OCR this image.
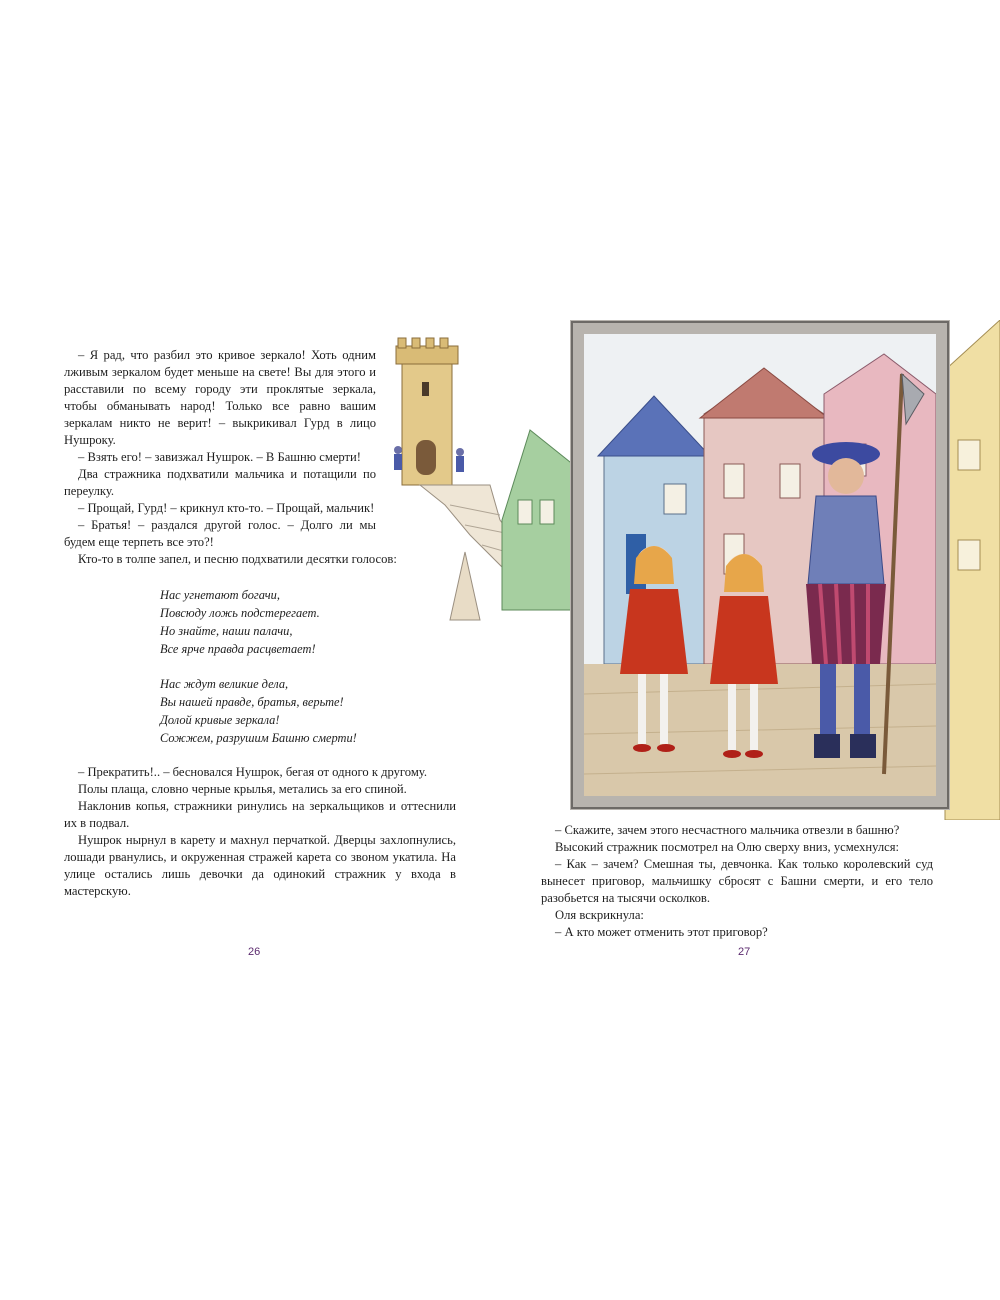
– Я рад, что разбил это кривое зеркало! Хоть одним лживым зеркалом будет меньше на свете! Вы для этого и расставили по всему городу эти проклятые зеркала, чтобы обманывать народ! Только все равно вашим зеркалам никто не верит! – выкрикивал Гурд в лицо Нушроку.

– Взять его! – завизжал Нушрок. – В Башню смерти!

Два стражника подхватили мальчика и потащили по переулку.

– Прощай, Гурд! – крикнул кто-то. – Прощай, мальчик!

– Братья! – раздался другой голос. – Долго ли мы будем еще терпеть все это?!

Кто-то в толпе запел, и песню подхватили десятки голосов:

Нас угнетают богачи,
Повсюду ложь подстерегает.
Но знайте, наши палачи,
Все ярче правда расцветает!
Нас ждут великие дела,
Вы нашей правде, братья, верьте!
Долой кривые зеркала!
Сожжем, разрушим Башню смерти!

– Прекратить!.. – бесновался Нушрок, бегая от одного к другому.

Полы плаща, словно черные крылья, метались за его спиной.

Наклонив копья, стражники ринулись на зеркальщиков и оттеснили их в подвал.

Нушрок нырнул в карету и махнул перчаткой. Дверцы захлопнулись, лошади рванулись, и окруженная стражей карета со звоном укатила. На улице остались лишь девочки да одинокий стражник у входа в мастерскую.

26

– Скажите, зачем этого несчастного мальчика отвезли в башню?

Высокий стражник посмотрел на Олю сверху вниз, усмехнулся:

– Как – зачем? Смешная ты, девчонка. Как только королевский суд вынесет приговор, мальчишку сбросят с Башни смерти, и его тело разобьется на тысячи осколков.

Оля вскрикнула:

– А кто может отменить этот приговор?

27
